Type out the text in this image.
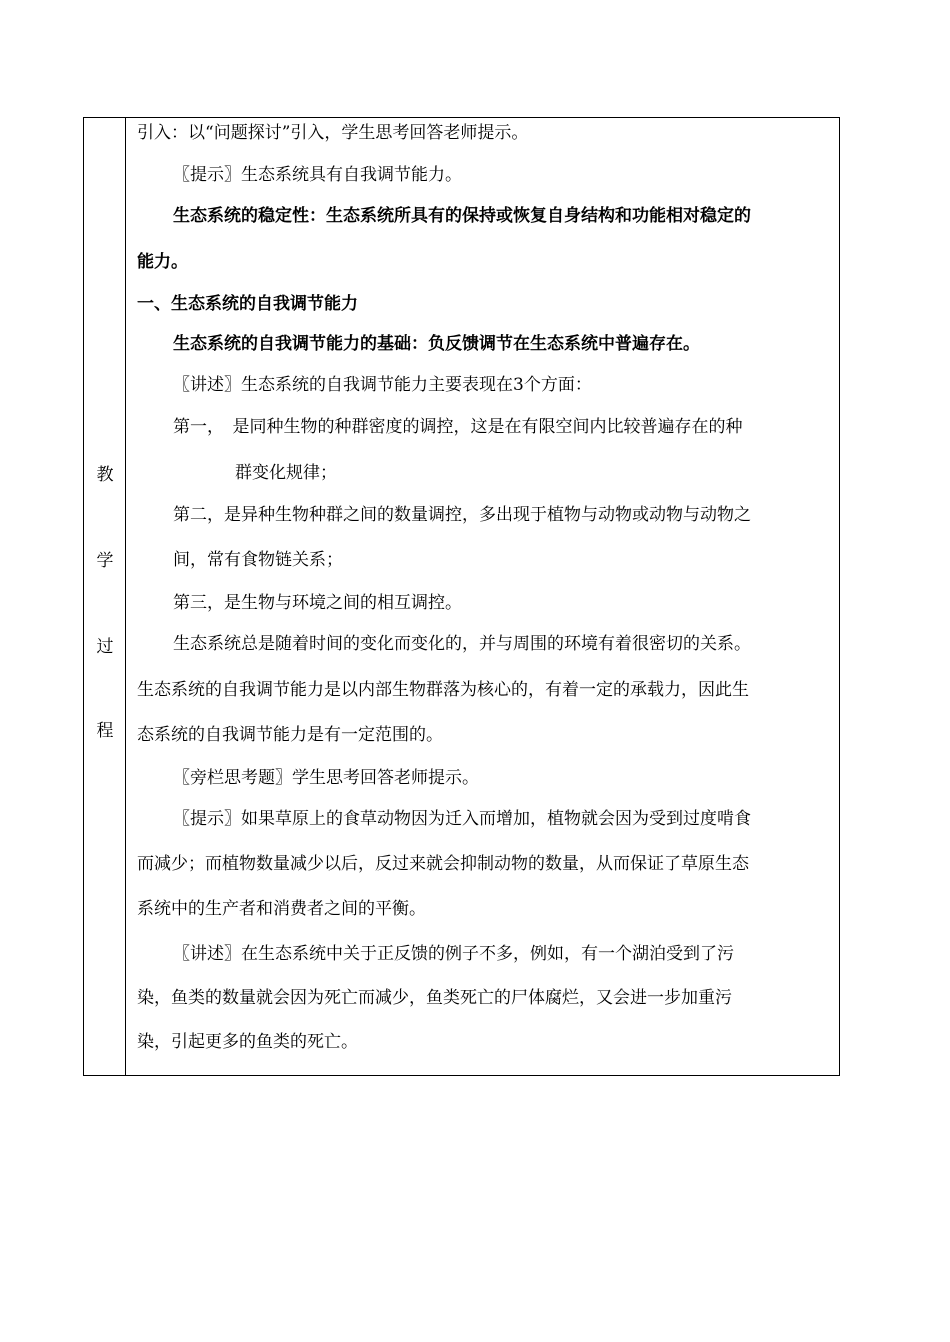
教
学
过
程
引入：以“问题探讨”引入，学生思考回答老师提示。
〖提示〗生态系统具有自我调节能力。
生态系统的稳定性：生态系统所具有的保持或恢复自身结构和功能相对稳定的
能力。
一、生态系统的自我调节能力
生态系统的自我调节能力的基础：负反馈调节在生态系统中普遍存在。
〖讲述〗生态系统的自我调节能力主要表现在3个方面：
第一，　是同种生物的种群密度的调控，这是在有限空间内比较普遍存在的种
群变化规律；
第二，是异种生物种群之间的数量调控，多出现于植物与动物或动物与动物之
间，常有食物链关系；
第三，是生物与环境之间的相互调控。
生态系统总是随着时间的变化而变化的，并与周围的环境有着很密切的关系。
生态系统的自我调节能力是以内部生物群落为核心的，有着一定的承载力，因此生
态系统的自我调节能力是有一定范围的。
〖旁栏思考题〗学生思考回答老师提示。
〖提示〗如果草原上的食草动物因为迁入而增加，植物就会因为受到过度啃食
而减少；而植物数量减少以后，反过来就会抑制动物的数量，从而保证了草原生态
系统中的生产者和消费者之间的平衡。
〖讲述〗在生态系统中关于正反馈的例子不多，例如，有一个湖泊受到了污
染，鱼类的数量就会因为死亡而减少，鱼类死亡的尸体腐烂，又会进一步加重污
染，引起更多的鱼类的死亡。
